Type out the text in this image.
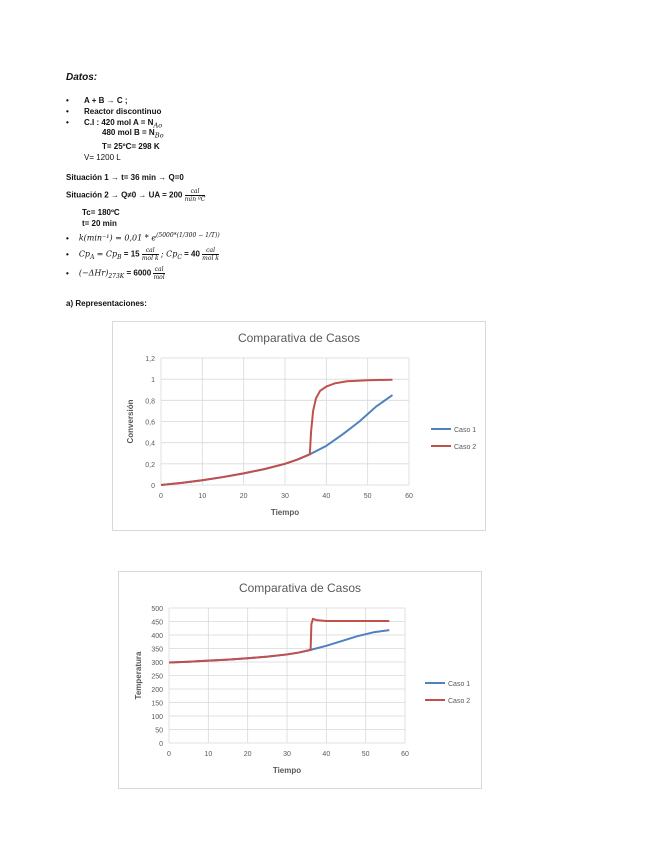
Datos:
• A + B → C ;
• Reactor discontinuo
• C.I : 420 mol $A = N_{Ao}$
480 mol $B = N_{Bo}$
T= 25ºC= 298 K
V= 1200 L
Situación 1 → t= 36 min → Q=0
Situación 2 → Q≠0 → UA = $200 \frac{\text{cal}}{\text{min ºC}}$
Tc= 180ºC
t= 20 min
• $k(\min^{-1}) = 0,01 * e^{(5000*(1/300 - 1/T))}$
• $Cp_A = Cp_B = 15 \frac{\text{cal}}{\text{mol k}}$ ; $Cp_C = 40 \frac{\text{cal}}{\text{mol k}}$
• $(-\Delta Hr)_{273K} = 6000 \frac{\text{cal}}{\text{mol}}$
a) Representaciones:
Comparativa de Casos
0
0,2
0,4
0,6
0,8
1
1,2
0	10	20	30	40	50	60
Tiempo
Conversión	Caso 1
Caso 2
Comparativa de Casos
0
50
100
150
200
250
300
350
400
450
500
0	10	20	30	40	50	60
Tiempo
Temperatura	Caso 1
Caso 2
